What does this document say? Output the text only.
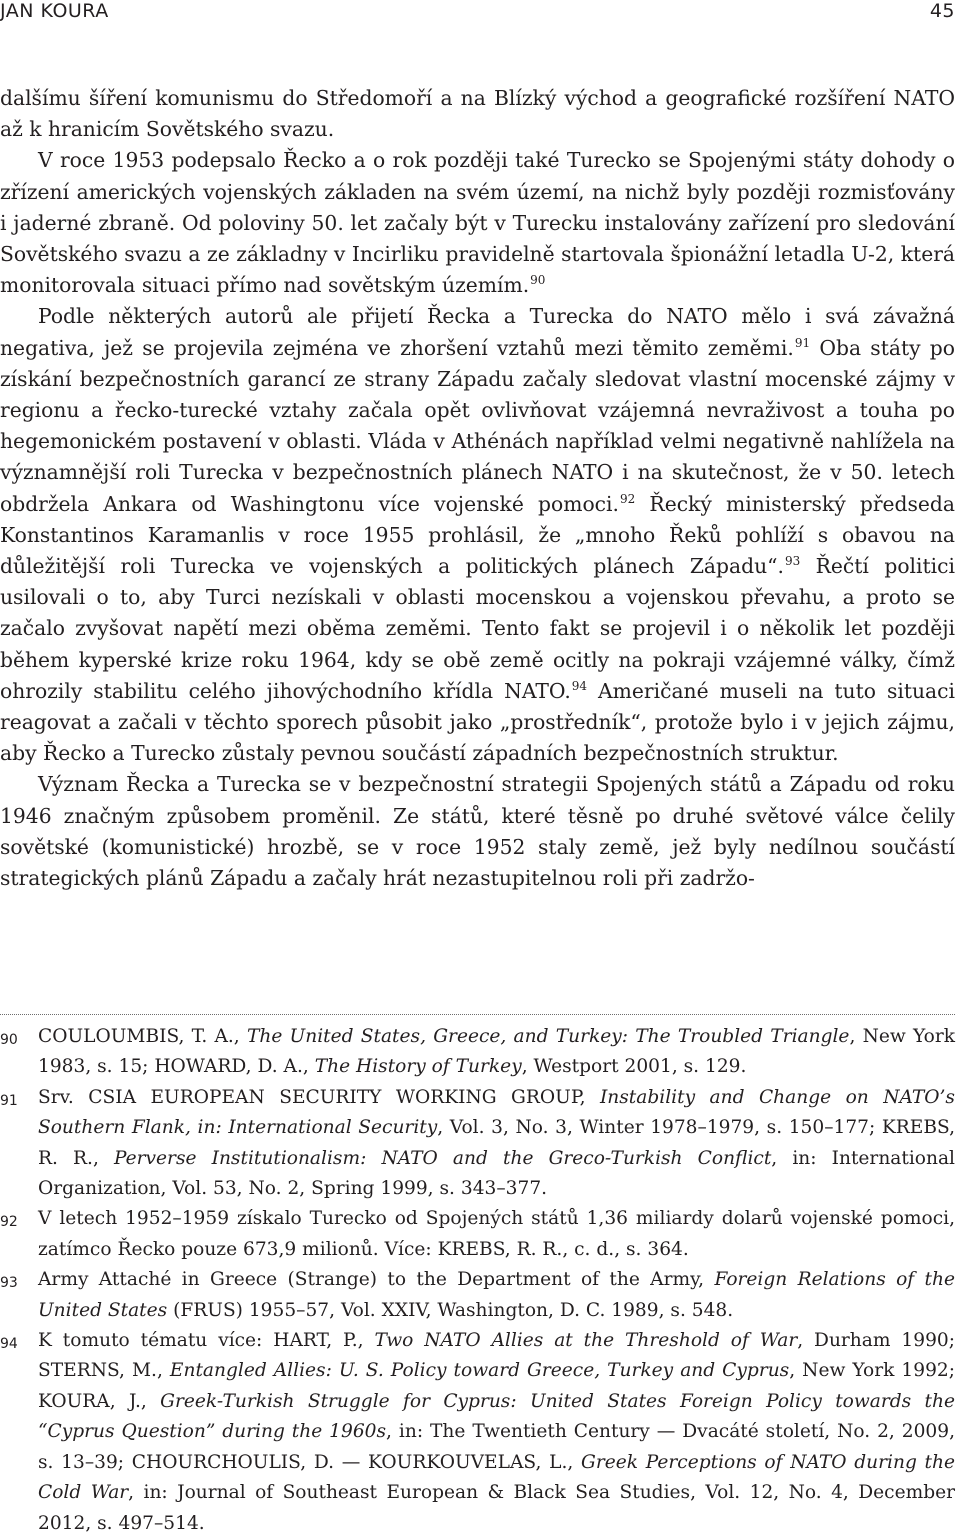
JAN KOURA	45

dalšímu šíření komunismu do Středomoří a na Blízký východ a geografické rozšíření NATO až k hranicím Sovětského svazu.

V roce 1953 podepsalo Řecko a o rok později také Turecko se Spojenými státy dohody o zřízení amerických vojenských základen na svém území, na nichž byly později rozmisťovány i jaderné zbraně. Od poloviny 50. let začaly být v Turecku instalovány zařízení pro sledování Sovětského svazu a ze základny v Incirliku pravidelně startovala špionážní letadla U-2, která monitorovala situaci přímo nad sovětským územím.$^{90}$

Podle některých autorů ale přijetí Řecka a Turecka do NATO mělo i svá závažná negativa, jež se projevila zejména ve zhoršení vztahů mezi těmito zeměmi.$^{91}$ Oba státy po získání bezpečnostních garancí ze strany Západu začaly sledovat vlastní mocenské zájmy v regionu a řecko-turecké vztahy začala opět ovlivňovat vzájemná nevraživost a touha po hegemonickém postavení v oblasti. Vláda v Athénách například velmi negativně nahlížela na významnější roli Turecka v bezpečnostních plánech NATO i na skutečnost, že v 50. letech obdržela Ankara od Washingtonu více vojenské pomoci.$^{92}$ Řecký ministerský předseda Konstantinos Karamanlis v roce 1955 prohlásil, že „mnoho Řeků pohlíží s obavou na důležitější roli Turecka ve vojenských a politických plánech Západu“.$^{93}$ Řečtí politici usilovali o to, aby Turci nezískali v oblasti mocenskou a vojenskou převahu, a proto se začalo zvyšovat napětí mezi oběma zeměmi. Tento fakt se projevil i o několik let později během kyperské krize roku 1964, kdy se obě země ocitly na pokraji vzájemné války, čímž ohrozily stabilitu celého jihovýchodního křídla NATO.$^{94}$ Američané museli na tuto situaci reagovat a začali v těchto sporech působit jako „prostředník“, protože bylo i v jejich zájmu, aby Řecko a Turecko zůstaly pevnou součástí západních bezpečnostních struktur.

Význam Řecka a Turecka se v bezpečnostní strategii Spojených států a Západu od roku 1946 značným způsobem proměnil. Ze států, které těsně po druhé světové válce čelily sovětské (komunistické) hrozbě, se v roce 1952 staly země, jež byly nedílnou součástí strategických plánů Západu a začaly hrát nezastupitelnou roli při zadržo-

90 COULOUMBIS, T. A., The United States, Greece, and Turkey: The Troubled Triangle, New York 1983, s. 15; HOWARD, D. A., The History of Turkey, Westport 2001, s. 129.
91 Srv. CSIA EUROPEAN SECURITY WORKING GROUP, Instability and Change on NATO’s Southern Flank, in: International Security, Vol. 3, No. 3, Winter 1978–1979, s. 150–177; KREBS, R. R., Perverse Institutionalism: NATO and the Greco-Turkish Conflict, in: International Organization, Vol. 53, No. 2, Spring 1999, s. 343–377.
92 V letech 1952–1959 získalo Turecko od Spojených států 1,36 miliardy dolarů vojenské pomoci, zatímco Řecko pouze 673,9 milionů. Více: KREBS, R. R., c. d., s. 364.
93 Army Attaché in Greece (Strange) to the Department of the Army, Foreign Relations of the United States (FRUS) 1955–57, Vol. XXIV, Washington, D. C. 1989, s. 548.
94 K tomuto tématu více: HART, P., Two NATO Allies at the Threshold of War, Durham 1990; STERNS, M., Entangled Allies: U. S. Policy toward Greece, Turkey and Cyprus, New York 1992; KOURA, J., Greek-Turkish Struggle for Cyprus: United States Foreign Policy towards the “Cyprus Question” during the 1960s, in: The Twentieth Century — Dvacáté století, No. 2, 2009, s. 13–39; CHOURCHOULIS, D. — KOURKOUVELAS, L., Greek Perceptions of NATO during the Cold War, in: Journal of Southeast European & Black Sea Studies, Vol. 12, No. 4, December 2012, s. 497–514.
